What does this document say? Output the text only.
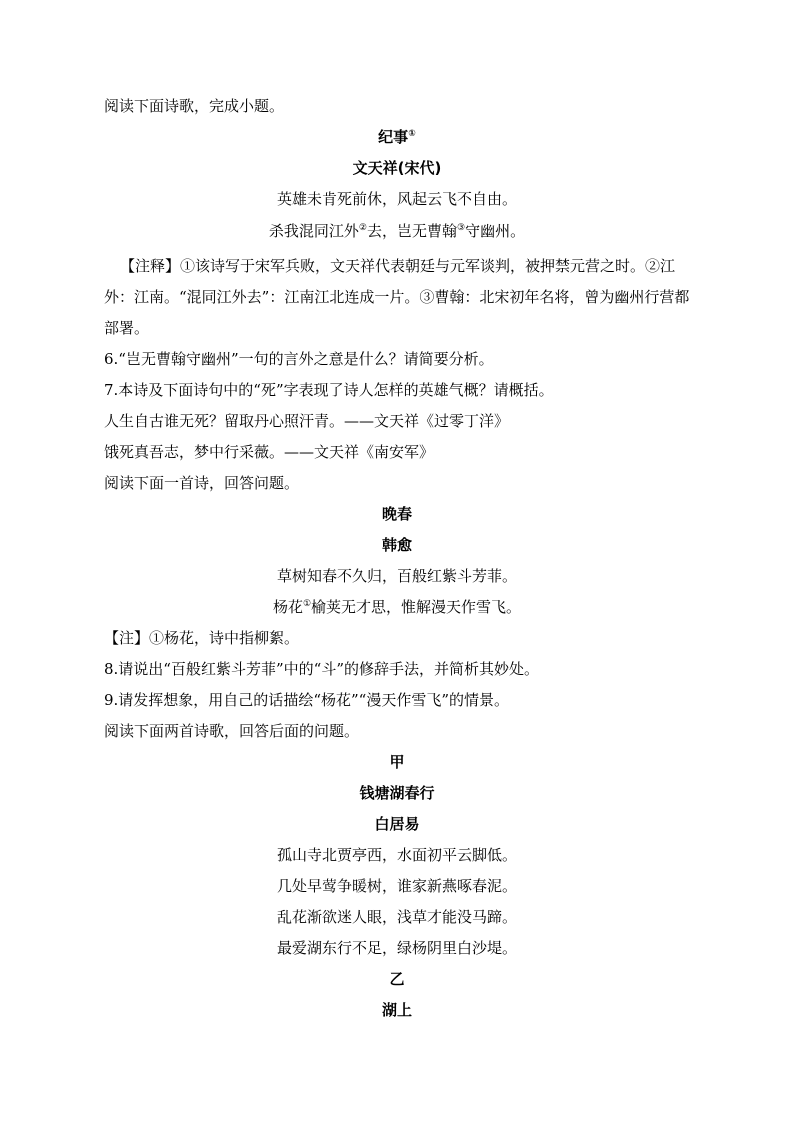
阅读下面诗歌，完成小题。
纪事①
文天祥(宋代)
英雄未肯死前休，风起云飞不自由。
杀我混同江外②去，岂无曹翰③守幽州。
【注释】①该诗写于宋军兵败，文天祥代表朝廷与元军谈判，被押禁元营之时。②江
外：江南。“混同江外去”：江南江北连成一片。③曹翰：北宋初年名将，曾为幽州行营都
部署。
6.“岂无曹翰守幽州”一句的言外之意是什么？请简要分析。
7.本诗及下面诗句中的“死”字表现了诗人怎样的英雄气概？请概括。
人生自古谁无死？留取丹心照汗青。——文天祥《过零丁洋》
饿死真吾志，梦中行采薇。——文天祥《南安军》
阅读下面一首诗，回答问题。
晚春
韩愈
草树知春不久归，百般红紫斗芳菲。
杨花①榆荚无才思，惟解漫天作雪飞。
【注】①杨花，诗中指柳絮。
8.请说出“百般红紫斗芳菲”中的“斗”的修辞手法，并简析其妙处。
9.请发挥想象，用自己的话描绘“杨花”“漫天作雪飞”的情景。
阅读下面两首诗歌，回答后面的问题。
甲
钱塘湖春行
白居易
孤山寺北贾亭西，水面初平云脚低。
几处早莺争暖树，谁家新燕啄春泥。
乱花渐欲迷人眼，浅草才能没马蹄。
最爱湖东行不足，绿杨阴里白沙堤。
乙
湖上
